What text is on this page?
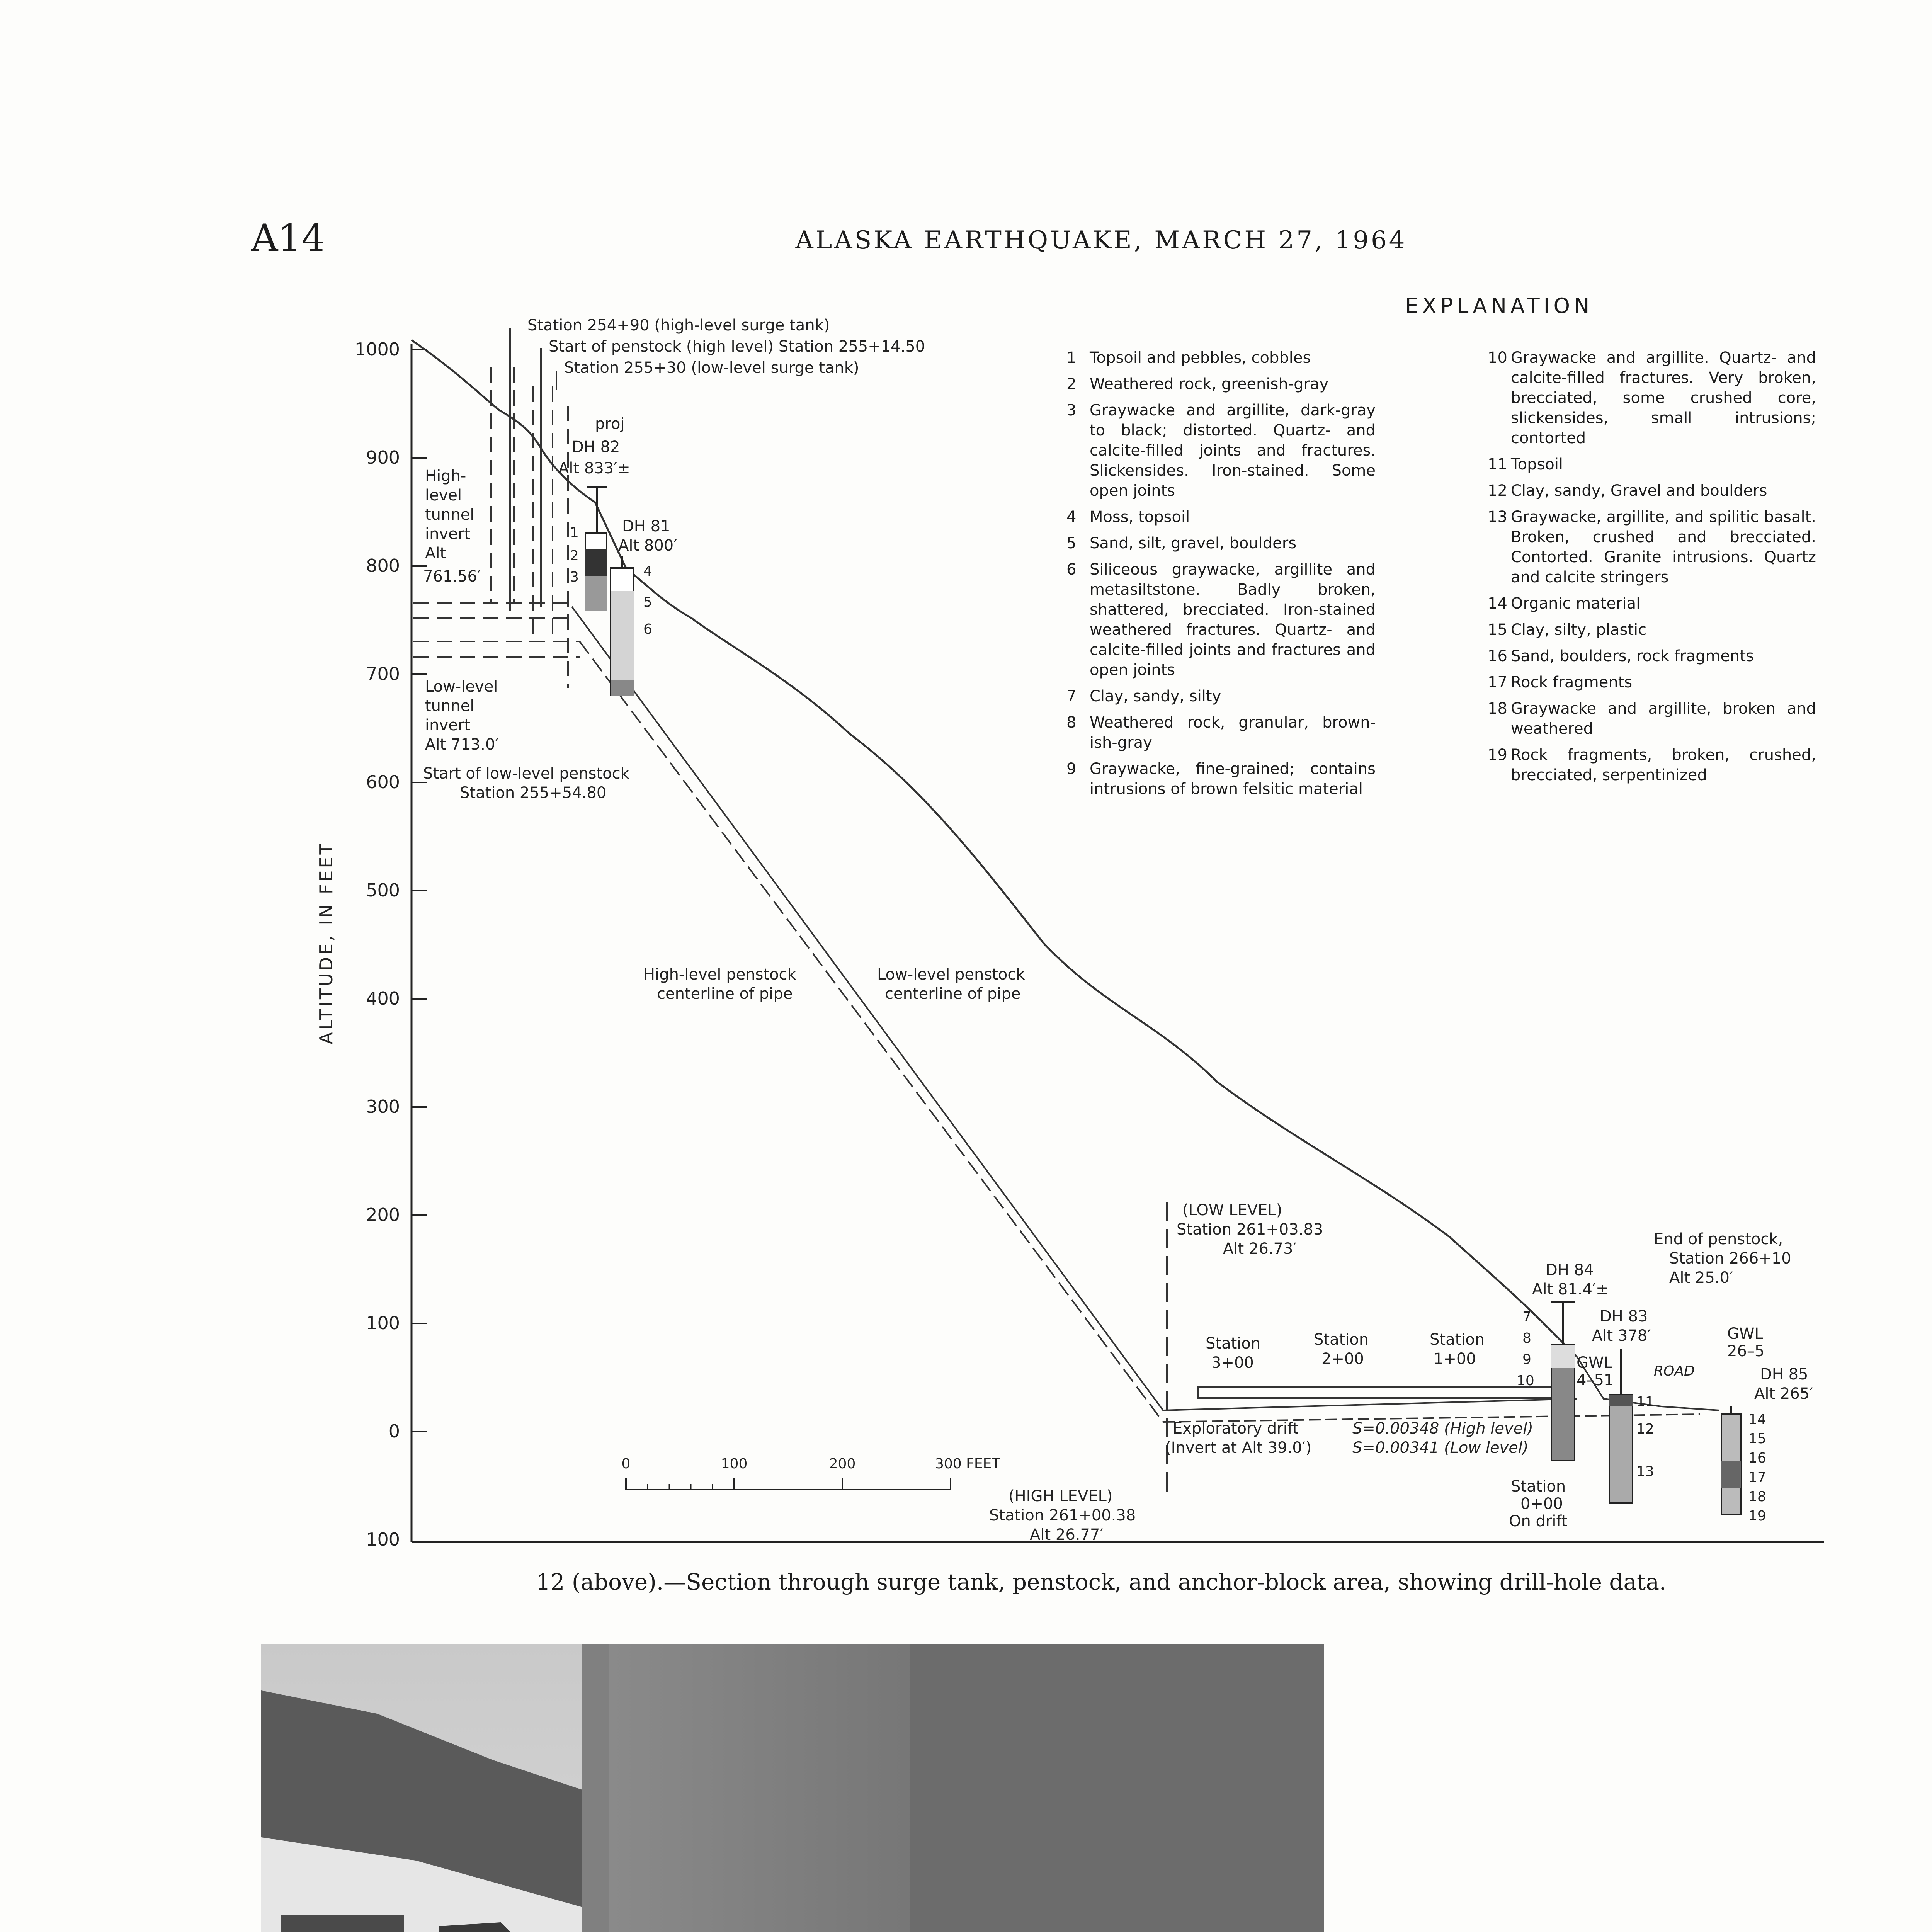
A14	ALASKA EARTHQUAKE, MARCH 27, 1964
1000
900
800
700
600
500
400
300
200
100
0
100
ALTITUDE, IN FEET
1
2
3	4
5
6
7
8
9
10
11
12
13
14
15
16
17
18
19
Station 254+90 (high-level surge tank)
Start of penstock (high level) Station 255+14.50
Station 255+30 (low-level surge tank)
proj
DH 82
Alt 833′±
DH 81
Alt 800′
High-
level
tunnel
invert
Alt
761.56′
Low-level
tunnel
invert
Alt 713.0′
Start of low-level penstock
Station 255+54.80
High-level penstock
centerline of pipe
Low-level penstock
centerline of pipe
(LOW LEVEL)
Station 261+03.83
Alt 26.73′
(HIGH LEVEL)
Station 261+00.38
Alt 26.77′
Exploratory drift
(Invert at Alt 39.0′)
S=0.00348 (High level)
S=0.00341 (Low level)
Station
3+00
Station
2+00
Station
1+00
Station
0+00
On drift
DH 84
Alt 81.4′±
DH 83
Alt 378′
GWL
4–51
ROAD
End of penstock,
Station 266+10
Alt 25.0′
GWL
26–5
DH 85
Alt 265′
0	100	200	300 FEET
EXPLANATION
1 Topsoil and pebbles, cobbles
2 Weathered rock, greenish-gray
3 Graywacke and argillite, dark-gray to black; distorted. Quartz- and calcite-filled joints and fractures. Slickensides. Iron-stained. Some open joints
4 Moss, topsoil
5 Sand, silt, gravel, boulders
6 Siliceous graywacke, argillite and metasiltstone. Badly broken, shattered, brecciated. Iron-stained weathered fractures. Quartz- and calcite-filled joints and fractures and open joints
7 Clay, sandy, silty
8 Weathered rock, granular, brown-ish-gray
9 Graywacke, fine-grained; contains intrusions of brown felsitic material
10 Graywacke and argillite. Quartz- and calcite-filled fractures. Very broken, brecciated, some crushed core, slickensides, small intrusions; contorted
11 Topsoil
12 Clay, sandy, Gravel and boulders
13 Graywacke, argillite, and spilitic basalt. Broken, crushed and brecciated. Contorted. Granite intrusions. Quartz and calcite stringers
14 Organic material
15 Clay, silty, plastic
16 Sand, boulders, rock fragments
17 Rock fragments
18 Graywacke and argillite, broken and weathered
19 Rock fragments, broken, crushed, brecciated, serpentinized
12 (above).—Section through surge tank, penstock, and anchor-block area, showing drill-hole data.
